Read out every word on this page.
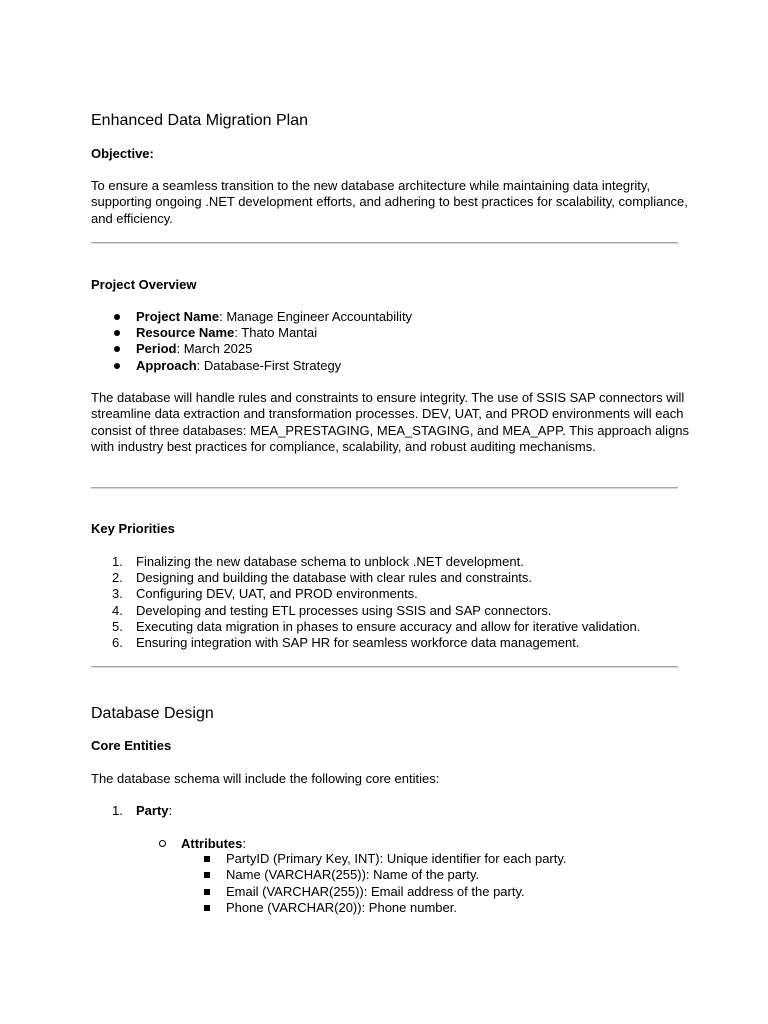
Enhanced Data Migration Plan
Objective:
To ensure a seamless transition to the new database architecture while maintaining data integrity, supporting ongoing .NET development efforts, and adhering to best practices for scalability, compliance, and efficiency.
Project Overview
Project Name: Manage Engineer Accountability
Resource Name: Thato Mantai
Period: March 2025
Approach: Database-First Strategy
The database will handle rules and constraints to ensure integrity. The use of SSIS SAP connectors will streamline data extraction and transformation processes. DEV, UAT, and PROD environments will each consist of three databases: MEA_PRESTAGING, MEA_STAGING, and MEA_APP. This approach aligns with industry best practices for compliance, scalability, and robust auditing mechanisms.
Key Priorities
1. Finalizing the new database schema to unblock .NET development.
2. Designing and building the database with clear rules and constraints.
3. Configuring DEV, UAT, and PROD environments.
4. Developing and testing ETL processes using SSIS and SAP connectors.
5. Executing data migration in phases to ensure accuracy and allow for iterative validation.
6. Ensuring integration with SAP HR for seamless workforce data management.
Database Design
Core Entities
The database schema will include the following core entities:
1. Party:
Attributes:
PartyID (Primary Key, INT): Unique identifier for each party.
Name (VARCHAR(255)): Name of the party.
Email (VARCHAR(255)): Email address of the party.
Phone (VARCHAR(20)): Phone number.
